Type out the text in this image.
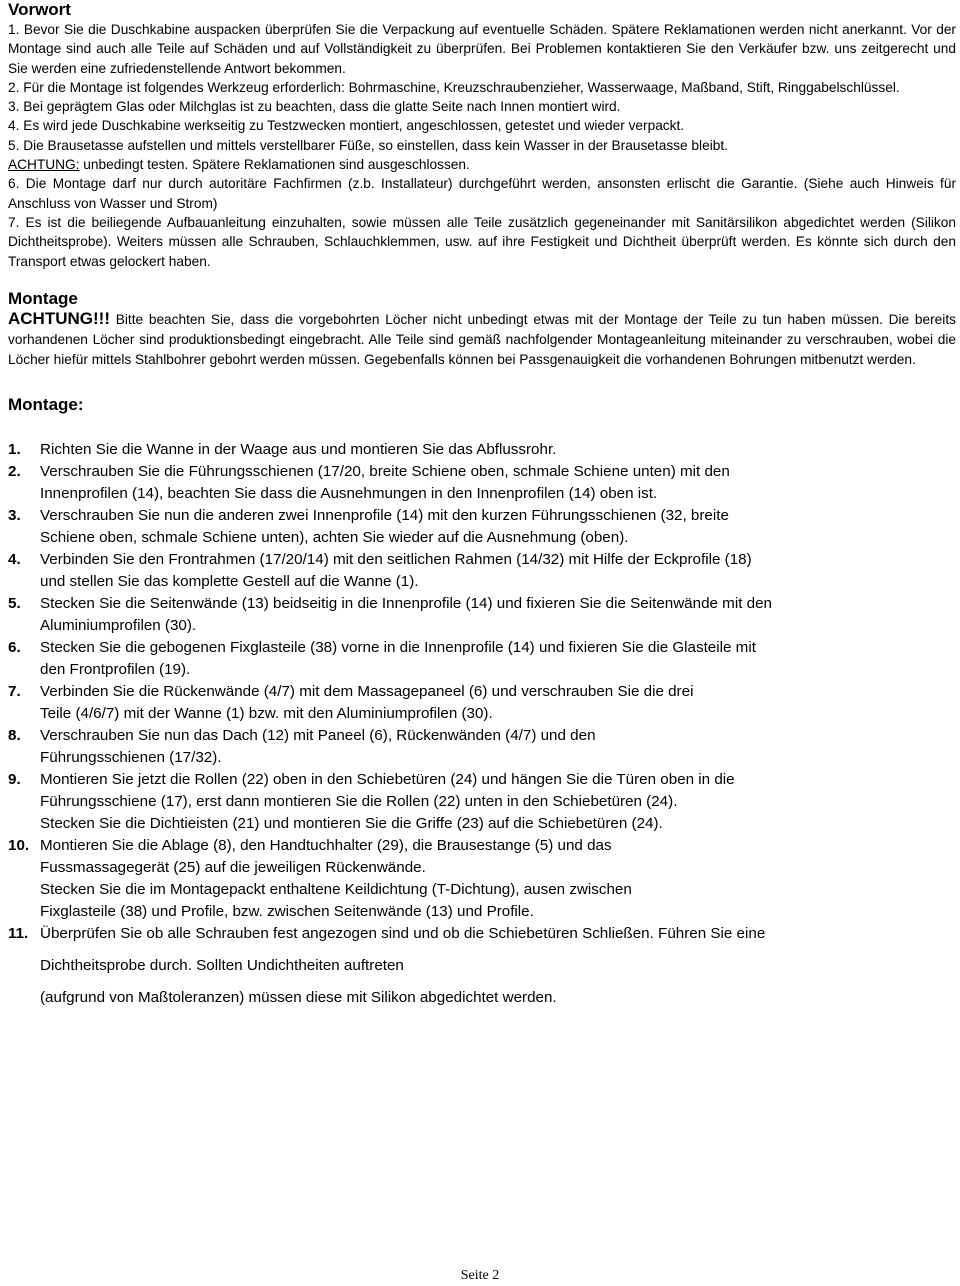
Vorwort

1. Bevor Sie die Duschkabine auspacken überprüfen Sie die Verpackung auf eventuelle Schäden. Spätere Reklamationen werden nicht anerkannt. Vor der Montage sind auch alle Teile auf Schäden und auf Vollständigkeit zu überprüfen. Bei Problemen kontaktieren Sie den Verkäufer bzw. uns zeitgerecht und Sie werden eine zufriedenstellende Antwort bekommen.

2. Für die Montage ist folgendes Werkzeug erforderlich: Bohrmaschine, Kreuzschraubenzieher, Wasserwaage, Maßband, Stift, Ringgabelschlüssel.

3. Bei geprägtem Glas oder Milchglas ist zu beachten, dass die glatte Seite nach Innen montiert wird.

4. Es wird jede Duschkabine werkseitig zu Testzwecken montiert, angeschlossen, getestet und wieder verpackt.

5. Die Brausetasse aufstellen und mittels verstellbarer Füße, so einstellen, dass kein Wasser in der Brausetasse bleibt.
ACHTUNG: unbedingt testen. Spätere Reklamationen sind ausgeschlossen.

6. Die Montage darf nur durch autoritäre Fachfirmen (z.b. Installateur) durchgeführt werden, ansonsten erlischt die Garantie. (Siehe auch Hinweis für Anschluss von Wasser und Strom)

7. Es ist die beiliegende Aufbauanleitung einzuhalten, sowie müssen alle Teile zusätzlich gegeneinander mit Sanitärsilikon abgedichtet werden (Silikon Dichtheitsprobe). Weiters müssen alle Schrauben, Schlauchklemmen, usw. auf ihre Festigkeit und Dichtheit überprüft werden. Es könnte sich durch den Transport etwas gelockert haben.

Montage
ACHTUNG!!! Bitte beachten Sie, dass die vorgebohrten Löcher nicht unbedingt etwas mit der Montage der Teile zu tun haben müssen. Die bereits vorhandenen Löcher sind produktionsbedingt eingebracht. Alle Teile sind gemäß nachfolgender Montageanleitung miteinander zu verschrauben, wobei die Löcher hiefür mittels Stahlbohrer gebohrt werden müssen. Gegebenfalls können bei Passgenauigkeit die vorhandenen Bohrungen mitbenutzt werden.
Montage:
1. Richten Sie die Wanne in der Waage aus und montieren Sie das Abflussrohr.
2. Verschrauben Sie die Führungsschienen (17/20, breite Schiene oben, schmale Schiene unten) mit den
Innenprofilen (14), beachten Sie dass die Ausnehmungen in den Innenprofilen (14) oben ist.
3. Verschrauben Sie nun die anderen zwei Innenprofile (14) mit den kurzen Führungsschienen (32, breite
Schiene oben, schmale Schiene unten), achten Sie wieder auf die Ausnehmung (oben).
4. Verbinden Sie den Frontrahmen (17/20/14) mit den seitlichen Rahmen (14/32) mit Hilfe der Eckprofile (18)
und stellen Sie das komplette Gestell auf die Wanne (1).
5. Stecken Sie die Seitenwände (13) beidseitig in die Innenprofile (14) und fixieren Sie die Seitenwände mit den
Aluminiumprofilen (30).
6. Stecken Sie die gebogenen Fixglasteile (38) vorne in die Innenprofile (14) und fixieren Sie die Glasteile mit
den Frontprofilen (19).
7. Verbinden Sie die Rückenwände (4/7) mit dem Massagepaneel (6) und verschrauben Sie die drei
Teile (4/6/7) mit der Wanne (1) bzw. mit den Aluminiumprofilen (30).
8. Verschrauben Sie nun das Dach (12) mit Paneel (6), Rückenwänden (4/7) und den
Führungsschienen (17/32).
9. Montieren Sie jetzt die Rollen (22) oben in den Schiebetüren (24) und hängen Sie die Türen oben in die
Führungsschiene (17), erst dann montieren Sie die Rollen (22) unten in den Schiebetüren (24).
Stecken Sie die Dichtieisten (21) und montieren Sie die Griffe (23) auf die Schiebetüren (24).
10. Montieren Sie die Ablage (8), den Handtuchhalter (29), die Brausestange (5) und das
Fussmassagegerät (25) auf die jeweiligen Rückenwände.
Stecken Sie die im Montagepackt enthaltene Keildichtung (T-Dichtung), ausen zwischen
Fixglasteile (38) und Profile, bzw. zwischen Seitenwände (13) und Profile.
11. Überprüfen Sie ob alle Schrauben fest angezogen sind und ob die Schiebetüren Schließen. Führen Sie eine
Dichtheitsprobe durch. Sollten Undichtheiten auftreten
(aufgrund von Maßtoleranzen) müssen diese mit Silikon abgedichtet werden.
Seite 2
